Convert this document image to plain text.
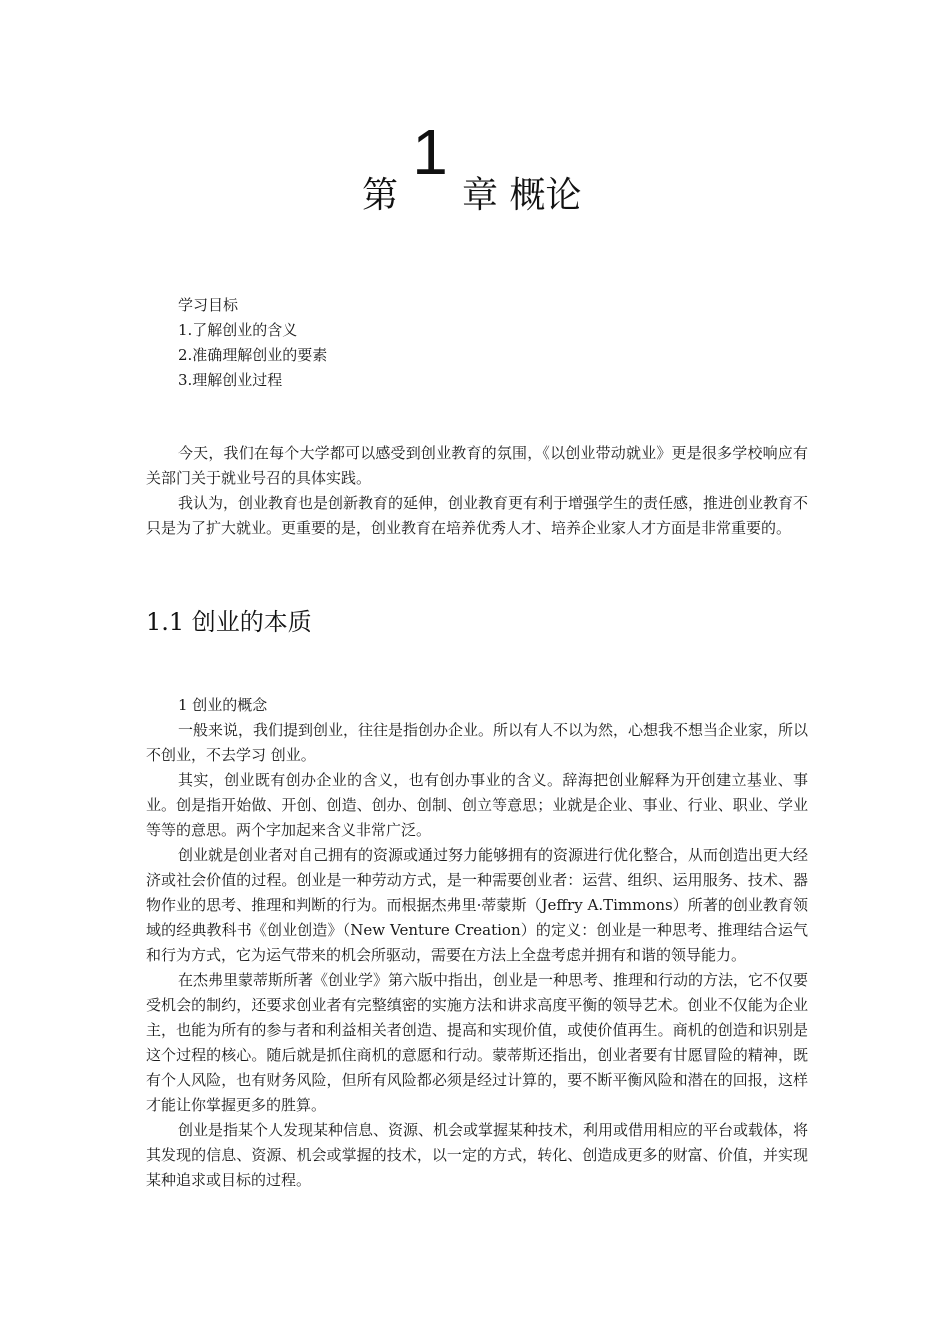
1
第 章 概论
学习目标
1.了解创业的含义
2.准确理解创业的要素
3.理解创业过程

今天，我们在每个大学都可以感受到创业教育的氛围，《以创业带动就业》更是很多学校响应有关部门关于就业号召的具体实践。

我认为，创业教育也是创新教育的延伸，创业教育更有利于增强学生的责任感，推进创业教育不只是为了扩大就业。更重要的是，创业教育在培养优秀人才、培养企业家人才方面是非常重要的。

1.1 创业的本质
1 创业的概念

一般来说，我们提到创业，往往是指创办企业。所以有人不以为然，心想我不想当企业家，所以不创业，不去学习 创业。

其实，创业既有创办企业的含义，也有创办事业的含义。辞海把创业解释为开创建立基业、事业。创是指开始做、开创、创造、创办、创制、创立等意思；业就是企业、事业、行业、职业、学业等等的意思。两个字加起来含义非常广泛。

创业就是创业者对自己拥有的资源或通过努力能够拥有的资源进行优化整合，从而创造出更大经济或社会价值的过程。创业是一种劳动方式，是一种需要创业者：运营、组织、运用服务、技术、器物作业的思考、推理和判断的行为。而根据杰弗里·蒂蒙斯（Jeffry A.Timmons）所著的创业教育领域的经典教科书《创业创造》（New Venture Creation）的定义：创业是一种思考、推理结合运气和行为方式，它为运气带来的机会所驱动，需要在方法上全盘考虑并拥有和谐的领导能力。

在杰弗里蒙蒂斯所著《创业学》第六版中指出，创业是一种思考、推理和行动的方法，它不仅要受机会的制约，还要求创业者有完整缜密的实施方法和讲求高度平衡的领导艺术。创业不仅能为企业主，也能为所有的参与者和利益相关者创造、提高和实现价值，或使价值再生。商机的创造和识别是这个过程的核心。随后就是抓住商机的意愿和行动。蒙蒂斯还指出，创业者要有甘愿冒险的精神，既有个人风险，也有财务风险，但所有风险都必须是经过计算的，要不断平衡风险和潜在的回报，这样才能让你掌握更多的胜算。

创业是指某个人发现某种信息、资源、机会或掌握某种技术，利用或借用相应的平台或载体，将其发现的信息、资源、机会或掌握的技术，以一定的方式，转化、创造成更多的财富、价值，并实现某种追求或目标的过程。
